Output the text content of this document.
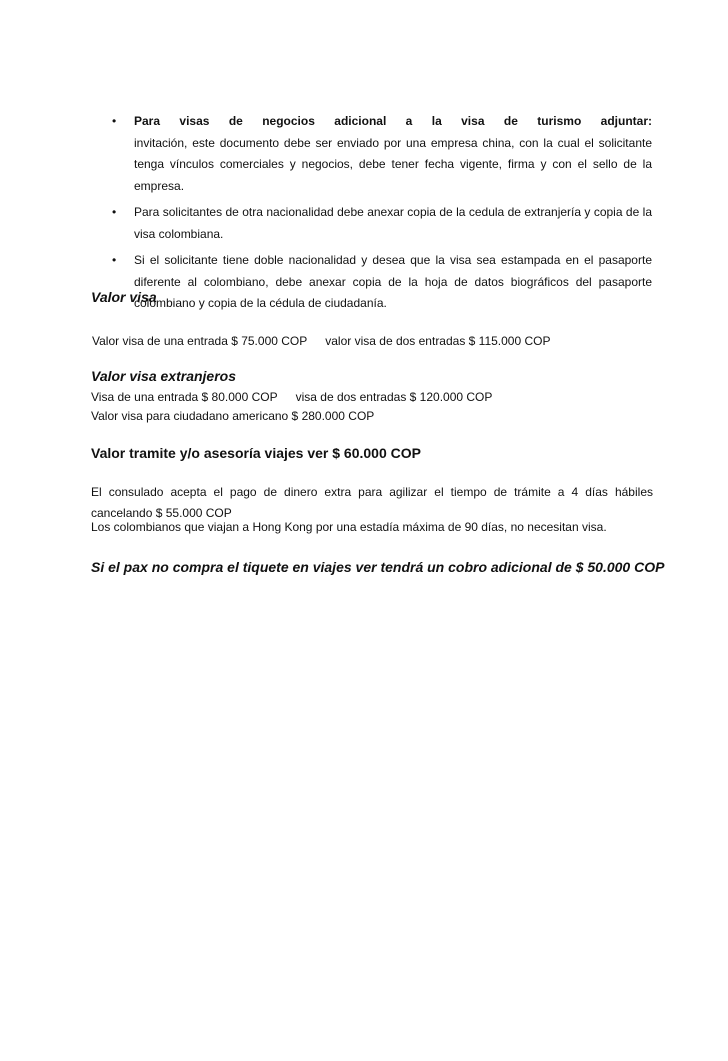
• Para visas de negocios adicional a la visa de turismo adjuntar:
invitación, este documento debe ser enviado por una empresa china, con la cual el solicitante tenga vínculos comerciales y negocios, debe tener fecha vigente, firma y con el sello de la empresa.
• Para solicitantes de otra nacionalidad debe anexar copia de la cedula de extranjería y copia de la visa colombiana.
• Si el solicitante tiene doble nacionalidad y desea que la visa sea estampada en el pasaporte diferente al colombiano, debe anexar copia de la hoja de datos biográficos del pasaporte colombiano y copia de la cédula de ciudadanía.
Valor visa
Valor visa de una entrada $ 75.000 COP valor visa de dos entradas $ 115.000 COP
Valor visa extranjeros
Visa de una entrada $ 80.000 COP visa de dos entradas $ 120.000 COP
Valor visa para ciudadano americano $ 280.000 COP
Valor tramite y/o asesoría viajes ver $ 60.000 COP
El consulado acepta el pago de dinero extra para agilizar el tiempo de trámite a 4 días hábiles cancelando $ 55.000 COP
Los colombianos que viajan a Hong Kong por una estadía máxima de 90 días, no necesitan visa.
Si el pax no compra el tiquete en viajes ver tendrá un cobro adicional de $ 50.000 COP
